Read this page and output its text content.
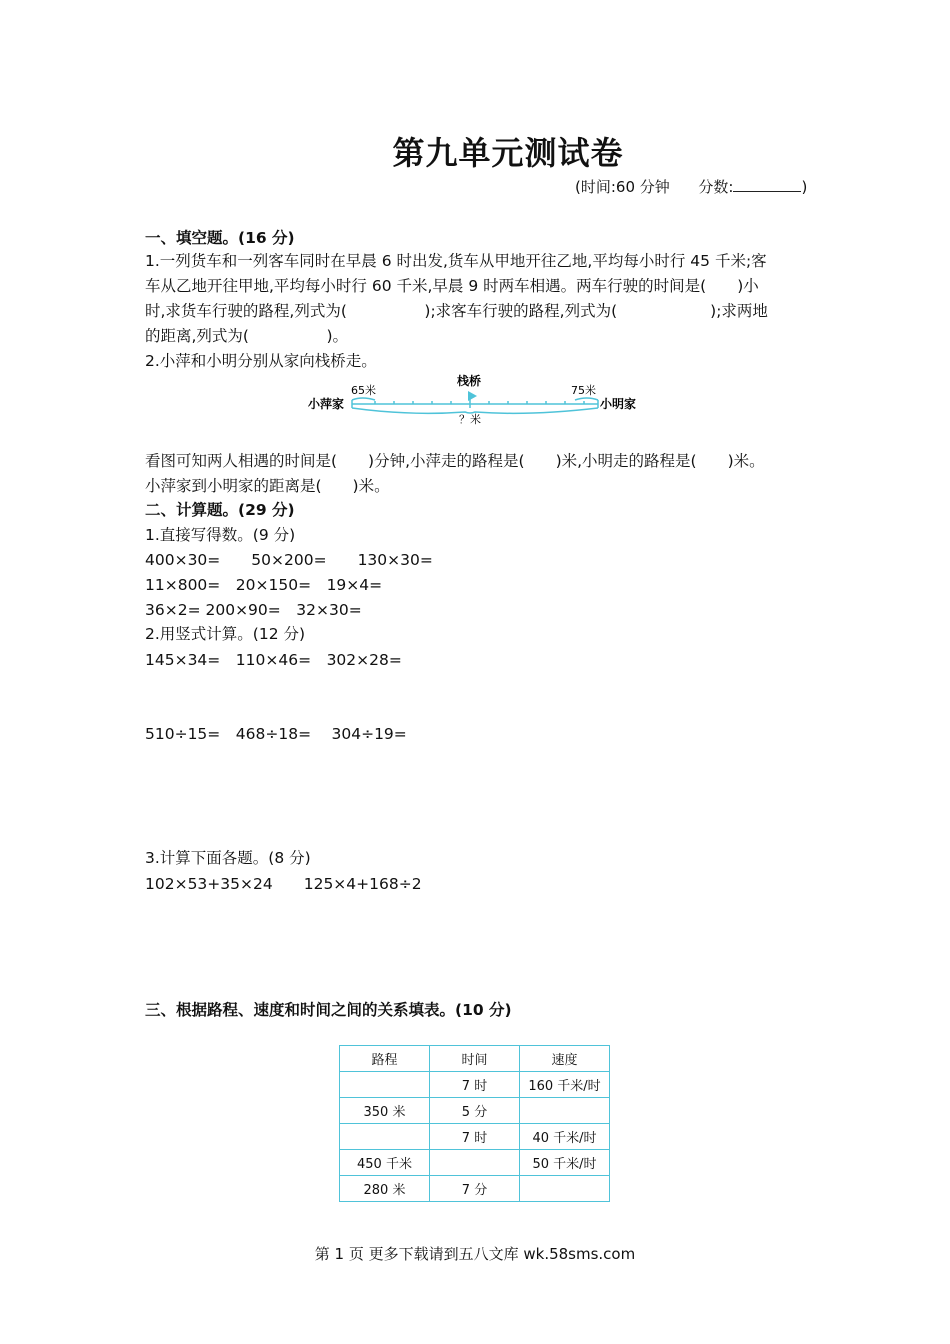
第九单元测试卷
(时间:60 分钟 分数:	)
一、填空题。(16 分)
1.一列货车和一列客车同时在早晨 6 时出发,货车从甲地开往乙地,平均每小时行 45 千米;客
车从乙地开往甲地,平均每小时行 60 千米,早晨 9 时两车相遇。两车行驶的时间是(　　)小
时,求货车行驶的路程,列式为(　　　　　);求客车行驶的路程,列式为(　　　　　　);求两地
的距离,列式为(　　　　　)。
2.小萍和小明分别从家向栈桥走。
小萍家	小明家
栈桥
65米	75米
？米
看图可知两人相遇的时间是(　　)分钟,小萍走的路程是(　　)米,小明走的路程是(　　)米。
小萍家到小明家的距离是(　　)米。
二、计算题。(29 分)
1.直接写得数。(9 分)
400×30=　　50×200=　　130×30=
11×800=　20×150=　19×4=
36×2= 200×90=　32×30=
2.用竖式计算。(12 分)
145×34=　110×46=　302×28=
510÷15=　468÷18=　 304÷19=
3.计算下面各题。(8 分)
102×53+35×24　　125×4+168÷2
三、根据路程、速度和时间之间的关系填表。(10 分)
路程	时间	速度
	7 时	160 千米/时
350 米	5 分	
	7 时	40 千米/时
450 千米		50 千米/时
280 米	7 分	
第 1 页 更多下载请到五八文库 wk.58sms.com
